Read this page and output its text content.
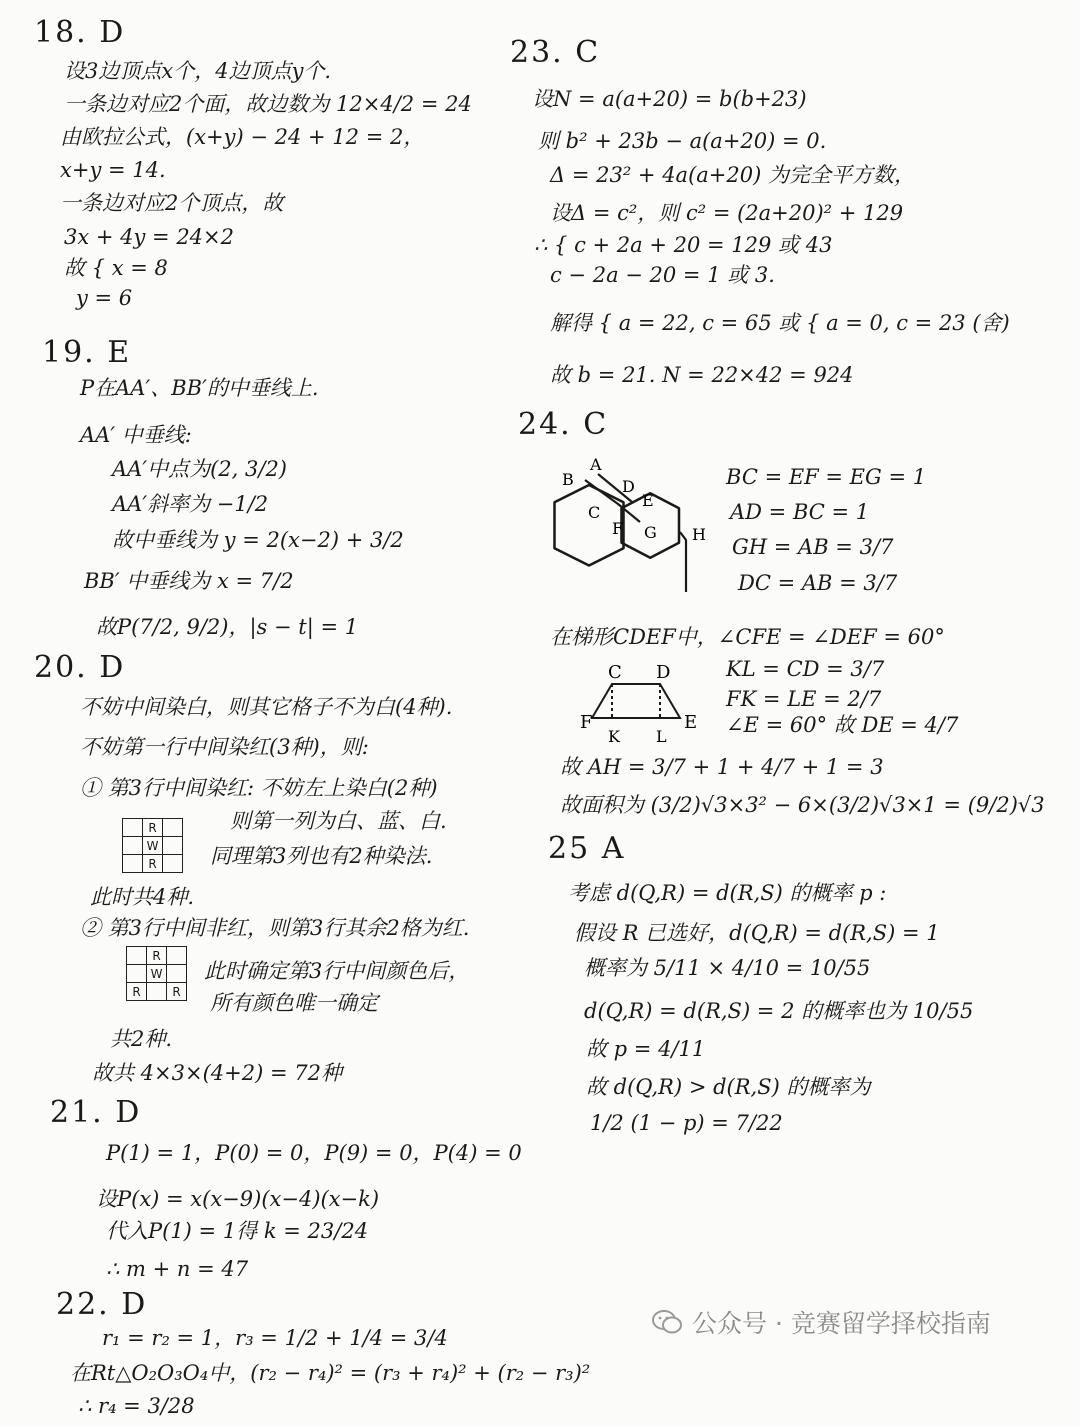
18. D
设3边顶点x个，4边顶点y个.
一条边对应2个面，故边数为 12×4/2 = 24
由欧拉公式，(x+y) − 24 + 12 = 2，
x+y = 14.
一条边对应2个顶点，故
3x + 4y = 24×2
故 { x = 8
y = 6
19. E
P在AA′、BB′的中垂线上.
AA′ 中垂线:
AA′中点为(2, 3/2)
AA′斜率为 −1/2
故中垂线为 y = 2(x−2) + 3/2
BB′ 中垂线为 x = 7/2
故P(7/2, 9/2)，|s − t| = 1
20. D
不妨中间染白，则其它格子不为白(4种).
不妨第一行中间染红(3种)，则:
① 第3行中间染红: 不妨左上染白(2种)
则第一列为白、蓝、白.
同理第3列也有2种染法.
此时共4种.
② 第3行中间非红，则第3行其余2格为红.
此时确定第3行中间颜色后，
所有颜色唯一确定
共2种.
故共 4×3×(4+2) = 72种
21. D
P(1) = 1，P(0) = 0，P(9) = 0，P(4) = 0
设P(x) = x(x−9)(x−4)(x−k)
代入P(1) = 1得 k = 23/24
∴ m + n = 47
22. D
r₁ = r₂ = 1，r₃ = 1/2 + 1/4 = 3/4
在Rt△O₂O₃O₄中，(r₂ − r₄)² = (r₃ + r₄)² + (r₂ − r₃)²
∴ r₄ = 3/28
23. C
设N = a(a+20) = b(b+23)
则 b² + 23b − a(a+20) = 0.
Δ = 23² + 4a(a+20) 为完全平方数，
设Δ = c²，则 c² = (2a+20)² + 129
∴ { c + 2a + 20 = 129 或 43
c − 2a − 20 = 1 或 3.
解得 { a = 22, c = 65 或 { a = 0, c = 23 (舍)
故 b = 21. N = 22×42 = 924
24. C
BC = EF = EG = 1
AD = BC = 1
GH = AB = 3/7
DC = AB = 3/7
在梯形CDEF中，∠CFE = ∠DEF = 60°
KL = CD = 3/7
FK = LE = 2/7
∠E = 60° 故 DE = 4/7
故 AH = 3/7 + 1 + 4/7 + 1 = 3
故面积为 (3/2)√3×3² − 6×(3/2)√3×1 = (9/2)√3
25 A
考虑 d(Q,R) = d(R,S) 的概率 p :
假设 R 已选好，d(Q,R) = d(R,S) = 1
概率为 5/11 × 4/10 = 10/55
d(Q,R) = d(R,S) = 2 的概率也为 10/55
故 p = 4/11
故 d(Q,R) > d(R,S) 的概率为
1/2 (1 − p) = 7/22
R
W
R
R
W
R	R
B
A
D
E
C
F G H
C D
F	E
K L
公众号 · 竞赛留学择校指南
